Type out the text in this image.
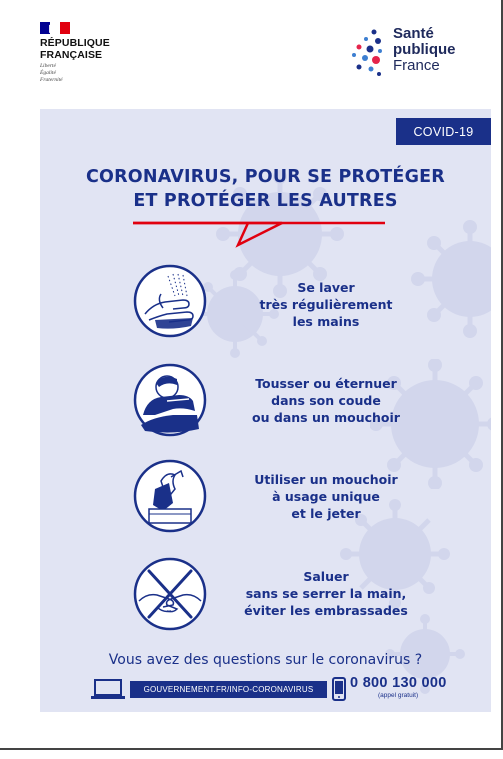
RÉPUBLIQUE
FRANÇAISE
Liberté
Égalité
Fraternité
Santé
publique
France
COVID-19
CORONAVIRUS, POUR SE PROTÉGER
ET PROTÉGER LES AUTRES
Se laver
très régulièrement
les mains
Tousser ou éternuer
dans son coude
ou dans un mouchoir
Utiliser un mouchoir
à usage unique
et le jeter
Saluer
sans se serrer la main,
éviter les embrassades
Vous avez des questions sur le coronavirus ?
GOUVERNEMENT.FR/INFO-CORONAVIRUS	0 800 130 000
(appel gratuit)
